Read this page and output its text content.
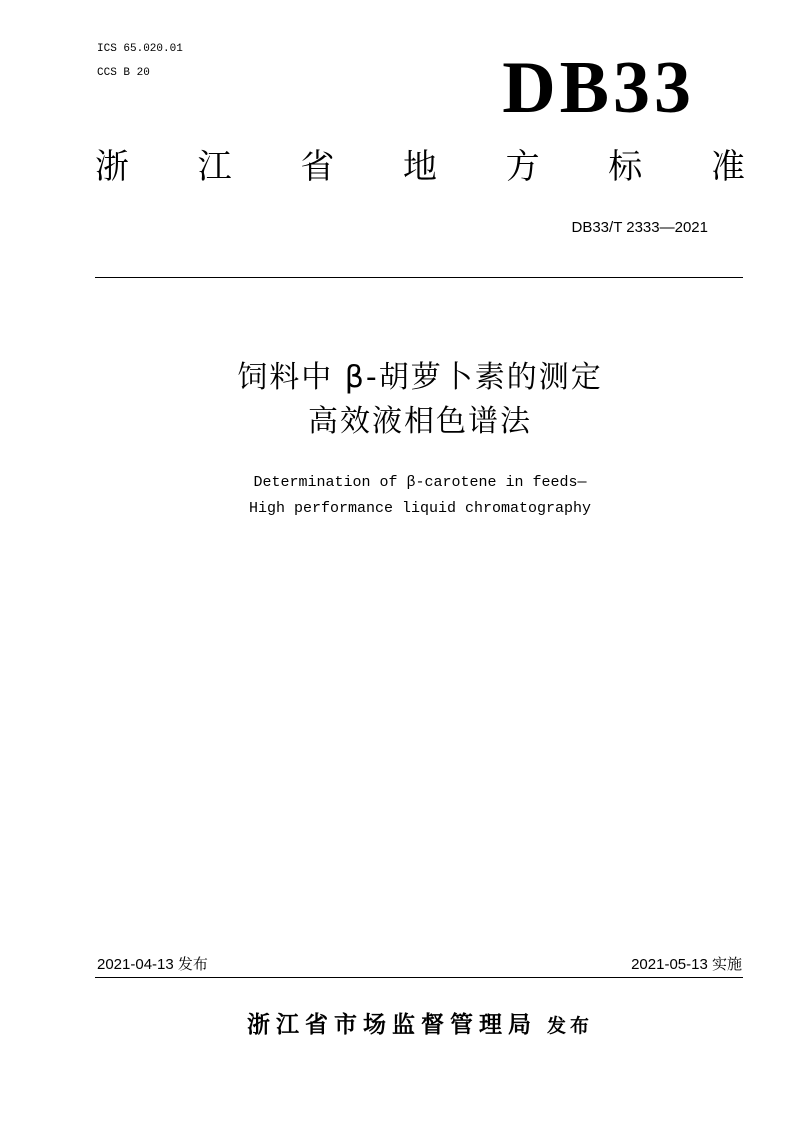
ICS 65.020.01
CCS B 20	DB33
浙 江 省 地 方 标 准
DB33/T 2333—2021
饲料中 β-胡萝卜素的测定
高效液相色谱法
Determination of β-carotene in feeds—
High performance liquid chromatography
2021-04-13 发布	2021-05-13 实施
浙江省市场监督管理局 发布
